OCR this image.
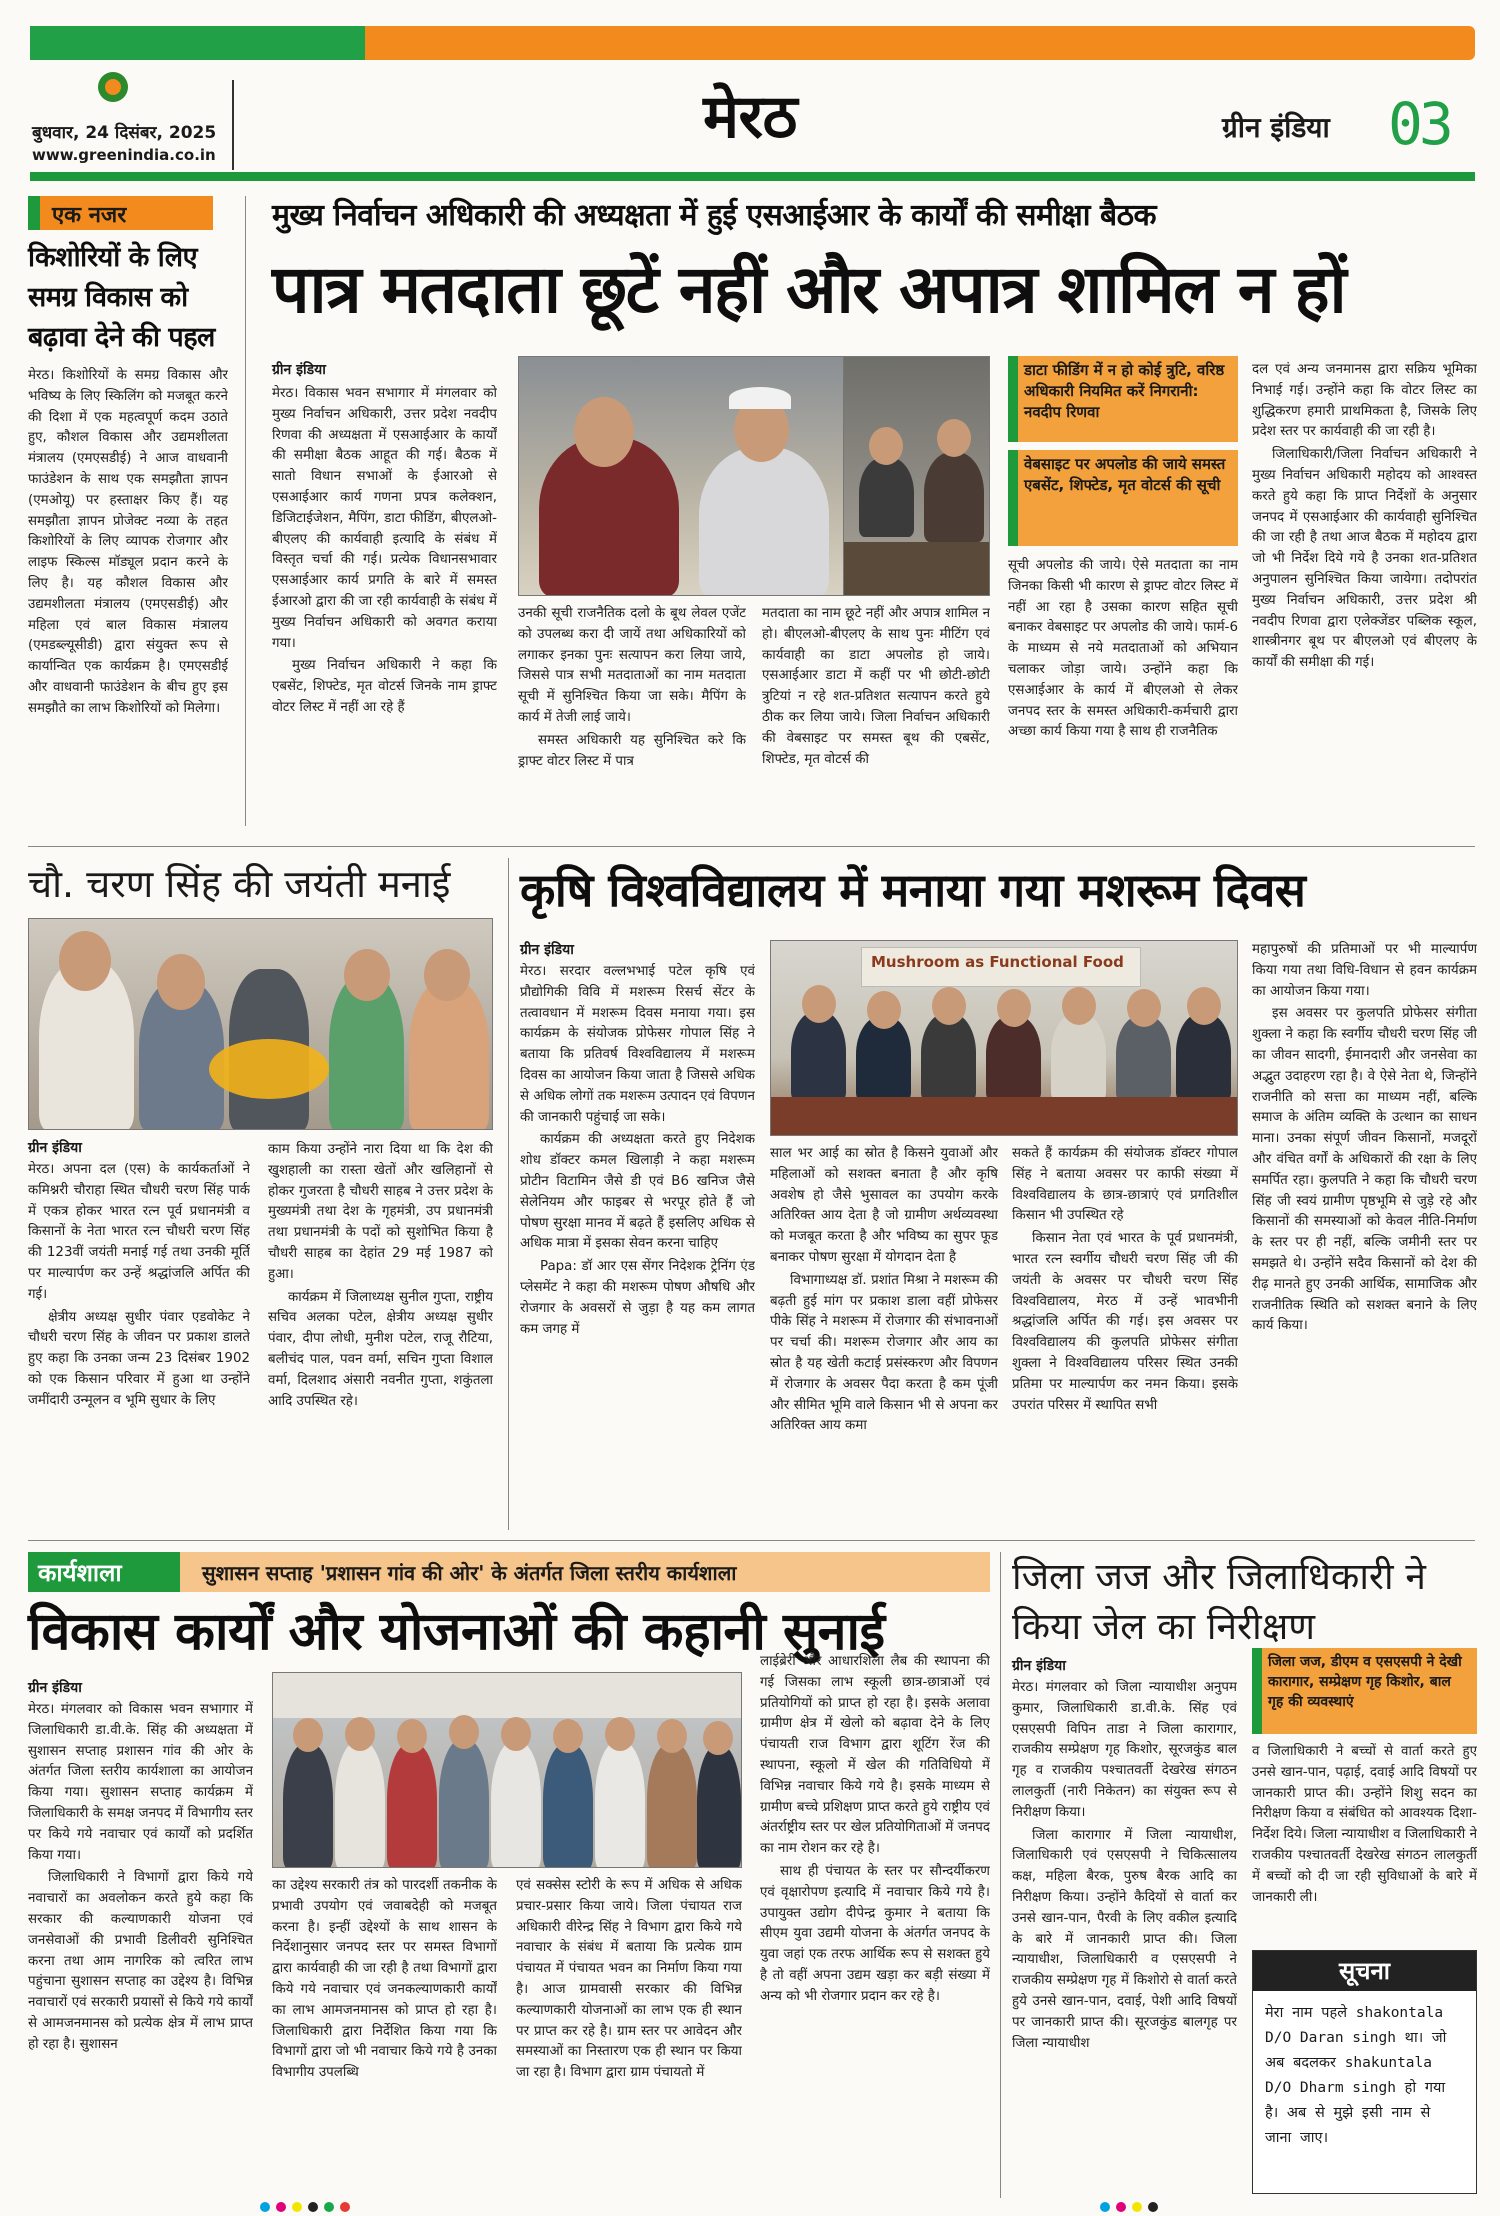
बुधवार, 24 दिसंबर, 2025
www.greenindia.co.in
मेरठ	ग्रीन इंडिया 03
एक नजर
किशोरियों के लिए समग्र विकास को बढ़ावा देने की पहल

मेरठ। किशोरियों के समग्र विकास और भविष्य के लिए स्किलिंग को मजबूत करने की दिशा में एक महत्वपूर्ण कदम उठाते हुए, कौशल विकास और उद्यमशीलता मंत्रालय (एमएसडीई) ने आज वाधवानी फाउंडेशन के साथ एक समझौता ज्ञापन (एमओयू) पर हस्ताक्षर किए हैं। यह समझौता ज्ञापन प्रोजेक्ट नव्या के तहत किशोरियों के लिए व्यापक रोजगार और लाइफ स्किल्स मॉड्यूल प्रदान करने के लिए है। यह कौशल विकास और उद्यमशीलता मंत्रालय (एमएसडीई) और महिला एवं बाल विकास मंत्रालय (एमडब्ल्यूसीडी) द्वारा संयुक्त रूप से कार्यान्वित एक कार्यक्रम है। एमएसडीई और वाधवानी फाउंडेशन के बीच हुए इस समझौते का लाभ किशोरियों को मिलेगा।

मुख्य निर्वाचन अधिकारी की अध्यक्षता में हुई एसआईआर के कार्यों की समीक्षा बैठक
पात्र मतदाता छूटें नहीं और अपात्र शामिल न हों
ग्रीन इंडिया

मेरठ। विकास भवन सभागार में मंगलवार को मुख्य निर्वाचन अधिकारी, उत्तर प्रदेश नवदीप रिणवा की अध्यक्षता में एसआईआर के कार्यों की समीक्षा बैठक आहूत की गई। बैठक में सातो विधान सभाओं के ईआरओ से एसआईआर कार्य गणना प्रपत्र कलेक्शन, डिजिटाईजेशन, मैपिंग, डाटा फीडिंग, बीएलओ-बीएलए की कार्यवाही इत्यादि के संबंध में विस्तृत चर्चा की गई। प्रत्येक विधानसभावार एसआईआर कार्य प्रगति के बारे में समस्त ईआरओ द्वारा की जा रही कार्यवाही के संबंध में मुख्य निर्वाचन अधिकारी को अवगत कराया गया।

मुख्य निर्वाचन अधिकारी ने कहा कि एबसेंट, शिफ्टेड, मृत वोटर्स जिनके नाम ड्राफ्ट वोटर लिस्ट में नहीं आ रहे हैं

उनकी सूची राजनैतिक दलो के बूथ लेवल एजेंट को उपलब्ध करा दी जायें तथा अधिकारियों को लगाकर इनका पुनः सत्यापन करा लिया जाये, जिससे पात्र सभी मतदाताओं का नाम मतदाता सूची में सुनिश्चित किया जा सके। मैपिंग के कार्य में तेजी लाई जाये।

समस्त अधिकारी यह सुनिश्चित करे कि ड्राफ्ट वोटर लिस्ट में पात्र

मतदाता का नाम छूटे नहीं और अपात्र शामिल न हो। बीएलओ-बीएलए के साथ पुनः मीटिंग एवं कार्यवाही का डाटा अपलोड हो जाये। एसआईआर डाटा में कहीं पर भी छोटी-छोटी त्रुटियां न रहे शत-प्रतिशत सत्यापन करते हुये ठीक कर लिया जाये। जिला निर्वाचन अधिकारी की वेबसाइट पर समस्त बूथ की एबसेंट, शिफ्टेड, मृत वोटर्स की

डाटा फीडिंग में न हो कोई त्रुटि, वरिष्ठ अधिकारी नियमित करें निगरानी: नवदीप रिणवा
वेबसाइट पर अपलोड की जाये समस्त एबसेंट, शिफ्टेड, मृत वोटर्स की सूची

सूची अपलोड की जाये। ऐसे मतदाता का नाम जिनका किसी भी कारण से ड्राफ्ट वोटर लिस्ट में नहीं आ रहा है उसका कारण सहित सूची बनाकर वेबसाइट पर अपलोड की जाये। फार्म-6 के माध्यम से नये मतदाताओं को अभियान चलाकर जोड़ा जाये। उन्होंने कहा कि एसआईआर के कार्य में बीएलओ से लेकर जनपद स्तर के समस्त अधिकारी-कर्मचारी द्वारा अच्छा कार्य किया गया है साथ ही राजनैतिक

दल एवं अन्य जनमानस द्वारा सक्रिय भूमिका निभाई गई। उन्होंने कहा कि वोटर लिस्ट का शुद्धिकरण हमारी प्राथमिकता है, जिसके लिए प्रदेश स्तर पर कार्यवाही की जा रही है।

जिलाधिकारी/जिला निर्वाचन अधिकारी ने मुख्य निर्वाचन अधिकारी महोदय को आश्वस्त करते हुये कहा कि प्राप्त निर्देशों के अनुसार जनपद में एसआईआर की कार्यवाही सुनिश्चित की जा रही है तथा आज बैठक में महोदय द्वारा जो भी निर्देश दिये गये है उनका शत-प्रतिशत अनुपालन सुनिश्चित किया जायेगा। तदोपरांत मुख्य निर्वाचन अधिकारी, उत्तर प्रदेश श्री नवदीप रिणवा द्वारा एलेक्जेंडर पब्लिक स्कूल, शास्त्रीनगर बूथ पर बीएलओ एवं बीएलए के कार्यों की समीक्षा की गई।

चौ. चरण सिंह की जयंती मनाई
ग्रीन इंडिया

मेरठ। अपना दल (एस) के कार्यकर्ताओं ने कमिश्नरी चौराहा स्थित चौधरी चरण सिंह पार्क में एकत्र होकर भारत रत्न पूर्व प्रधानमंत्री व किसानों के नेता भारत रत्न चौधरी चरण सिंह की 123वीं जयंती मनाई गई तथा उनकी मूर्ति पर माल्यार्पण कर उन्हें श्रद्धांजलि अर्पित की गई।

क्षेत्रीय अध्यक्ष सुधीर पंवार एडवोकेट ने चौधरी चरण सिंह के जीवन पर प्रकाश डालते हुए कहा कि उनका जन्म 23 दिसंबर 1902 को एक किसान परिवार में हुआ था उन्होंने जमींदारी उन्मूलन व भूमि सुधार के लिए

काम किया उन्होंने नारा दिया था कि देश की खुशहाली का रास्ता खेतों और खलिहानों से होकर गुजरता है चौधरी साहब ने उत्तर प्रदेश के मुख्यमंत्री तथा देश के गृहमंत्री, उप प्रधानमंत्री तथा प्रधानमंत्री के पदों को सुशोभित किया है चौधरी साहब का देहांत 29 मई 1987 को हुआ।

कार्यक्रम में जिलाध्यक्ष सुनील गुप्ता, राष्ट्रीय सचिव अलका पटेल, क्षेत्रीय अध्यक्ष सुधीर पंवार, दीपा लोधी, मुनीश पटेल, राजू रौटिया, बलीचंद पाल, पवन वर्मा, सचिन गुप्ता विशाल वर्मा, दिलशाद अंसारी नवनीत गुप्ता, शकुंतला आदि उपस्थित रहे।

कृषि विश्वविद्यालय में मनाया गया मशरूम दिवस
ग्रीन इंडिया

मेरठ। सरदार वल्लभभाई पटेल कृषि एवं प्रौद्योगिकी विवि में मशरूम रिसर्च सेंटर के तत्वावधान में मशरूम दिवस मनाया गया। इस कार्यक्रम के संयोजक प्रोफेसर गोपाल सिंह ने बताया कि प्रतिवर्ष विश्वविद्यालय में मशरूम दिवस का आयोजन किया जाता है जिससे अधिक से अधिक लोगों तक मशरूम उत्पादन एवं विपणन की जानकारी पहुंचाई जा सके।

कार्यक्रम की अध्यक्षता करते हुए निदेशक शोध डॉक्टर कमल खिलाड़ी ने कहा मशरूम प्रोटीन विटामिन जैसे डी एवं B6 खनिज जैसे सेलेनियम और फाइबर से भरपूर होते हैं जो पोषण सुरक्षा मानव में बढ़ते हैं इसलिए अधिक से अधिक मात्रा में इसका सेवन करना चाहिए

Papa: डॉ आर एस सेंगर निदेशक ट्रेनिंग एंड प्लेसमेंट ने कहा की मशरूम पोषण औषधि और रोजगार के अवसरों से जुड़ा है यह कम लागत कम जगह में

Mushroom as Functional Food

साल भर आई का स्रोत है किसने युवाओं और महिलाओं को सशक्त बनाता है और कृषि अवशेष हो जैसे भुसावल का उपयोग करके अतिरिक्त आय देता है जो ग्रामीण अर्थव्यवस्था को मजबूत करता है और भविष्य का सुपर फूड बनाकर पोषण सुरक्षा में योगदान देता है

विभागाध्यक्ष डॉ. प्रशांत मिश्रा ने मशरूम की बढ़ती हुई मांग पर प्रकाश डाला वहीं प्रोफेसर पीके सिंह ने मशरूम में रोजगार की संभावनाओं पर चर्चा की। मशरूम रोजगार और आय का स्रोत है यह खेती कटाई प्रसंस्करण और विपणन में रोजगार के अवसर पैदा करता है कम पूंजी और सीमित भूमि वाले किसान भी से अपना कर अतिरिक्त आय कमा

सकते हैं कार्यक्रम की संयोजक डॉक्टर गोपाल सिंह ने बताया अवसर पर काफी संख्या में विश्वविद्यालय के छात्र-छात्राएं एवं प्रगतिशील किसान भी उपस्थित रहे

किसान नेता एवं भारत के पूर्व प्रधानमंत्री, भारत रत्न स्वर्गीय चौधरी चरण सिंह जी की जयंती के अवसर पर चौधरी चरण सिंह विश्वविद्यालय, मेरठ में उन्हें भावभीनी श्रद्धांजलि अर्पित की गई। इस अवसर पर विश्वविद्यालय की कुलपति प्रोफेसर संगीता शुक्ला ने विश्वविद्यालय परिसर स्थित उनकी प्रतिमा पर माल्यार्पण कर नमन किया। इसके उपरांत परिसर में स्थापित सभी

महापुरुषों की प्रतिमाओं पर भी माल्यार्पण किया गया तथा विधि-विधान से हवन कार्यक्रम का आयोजन किया गया।

इस अवसर पर कुलपति प्रोफेसर संगीता शुक्ला ने कहा कि स्वर्गीय चौधरी चरण सिंह जी का जीवन सादगी, ईमानदारी और जनसेवा का अद्भुत उदाहरण रहा है। वे ऐसे नेता थे, जिन्होंने राजनीति को सत्ता का माध्यम नहीं, बल्कि समाज के अंतिम व्यक्ति के उत्थान का साधन माना। उनका संपूर्ण जीवन किसानों, मजदूरों और वंचित वर्गों के अधिकारों की रक्षा के लिए समर्पित रहा। कुलपति ने कहा कि चौधरी चरण सिंह जी स्वयं ग्रामीण पृष्ठभूमि से जुड़े रहे और किसानों की समस्याओं को केवल नीति-निर्माण के स्तर पर ही नहीं, बल्कि जमीनी स्तर पर समझते थे। उन्होंने सदैव किसानों को देश की रीढ़ मानते हुए उनकी आर्थिक, सामाजिक और राजनीतिक स्थिति को सशक्त बनाने के लिए कार्य किया।

कार्यशाला	सुशासन सप्ताह 'प्रशासन गांव की ओर' के अंतर्गत जिला स्तरीय कार्यशाला
विकास कार्यों और योजनाओं की कहानी सुनाई
ग्रीन इंडिया

मेरठ। मंगलवार को विकास भवन सभागार में जिलाधिकारी डा.वी.के. सिंह की अध्यक्षता में सुशासन सप्ताह प्रशासन गांव की ओर के अंतर्गत जिला स्तरीय कार्यशाला का आयोजन किया गया। सुशासन सप्ताह कार्यक्रम में जिलाधिकारी के समक्ष जनपद में विभागीय स्तर पर किये गये नवाचार एवं कार्यों को प्रदर्शित किया गया।

जिलाधिकारी ने विभागों द्वारा किये गये नवाचारों का अवलोकन करते हुये कहा कि सरकार की कल्याणकारी योजना एवं जनसेवाओं की प्रभावी डिलीवरी सुनिश्चित करना तथा आम नागरिक को त्वरित लाभ पहुंचाना सुशासन सप्ताह का उद्देश्य है। विभिन्न नवाचारों एवं सरकारी प्रयासों से किये गये कार्यों से आमजनमानस को प्रत्येक क्षेत्र में लाभ प्राप्त हो रहा है। सुशासन

का उद्देश्य सरकारी तंत्र को पारदर्शी तकनीक के प्रभावी उपयोग एवं जवाबदेही को मजबूत करना है। इन्हीं उद्देश्यों के साथ शासन के निर्देशानुसार जनपद स्तर पर समस्त विभागों द्वारा कार्यवाही की जा रही है तथा विभागों द्वारा किये गये नवाचार एवं जनकल्याणकारी कार्यों का लाभ आमजनमानस को प्राप्त हो रहा है। जिलाधिकारी द्वारा निर्देशित किया गया कि विभागों द्वारा जो भी नवाचार किये गये है उनका विभागीय उपलब्धि

एवं सक्सेस स्टोरी के रूप में अधिक से अधिक प्रचार-प्रसार किया जाये। जिला पंचायत राज अधिकारी वीरेन्द्र सिंह ने विभाग द्वारा किये गये नवाचार के संबंध में बताया कि प्रत्येक ग्राम पंचायत में पंचायत भवन का निर्माण किया गया है। आज ग्रामवासी सरकार की विभिन्न कल्याणकारी योजनाओं का लाभ एक ही स्थान पर प्राप्त कर रहे है। ग्राम स्तर पर आवेदन और समस्याओं का निस्तारण एक ही स्थान पर किया जा रहा है। विभाग द्वारा ग्राम पंचायतो में

लाईब्रेरी और आधारशिला लैब की स्थापना की गई जिसका लाभ स्कूली छात्र-छात्राओं एवं प्रतियोगियों को प्राप्त हो रहा है। इसके अलावा ग्रामीण क्षेत्र में खेलो को बढ़ावा देने के लिए पंचायती राज विभाग द्वारा शूटिंग रेंज की स्थापना, स्कूलो में खेल की गतिविधियो में विभिन्न नवाचार किये गये है। इसके माध्यम से ग्रामीण बच्चे प्रशिक्षण प्राप्त करते हुये राष्ट्रीय एवं अंतर्राष्ट्रीय स्तर पर खेल प्रतियोगिताओं में जनपद का नाम रोशन कर रहे है।

साथ ही पंचायत के स्तर पर सौन्दर्यीकरण एवं वृक्षारोपण इत्यादि में नवाचार किये गये है। उपायुक्त उद्योग दीपेन्द्र कुमार ने बताया कि सीएम युवा उद्यमी योजना के अंतर्गत जनपद के युवा जहां एक तरफ आर्थिक रूप से सशक्त हुये है तो वहीं अपना उद्यम खड़ा कर बड़ी संख्या में अन्य को भी रोजगार प्रदान कर रहे है।

जिला जज और जिलाधिकारी ने किया जेल का निरीक्षण
ग्रीन इंडिया

मेरठ। मंगलवार को जिला न्यायाधीश अनुपम कुमार, जिलाधिकारी डा.वी.के. सिंह एवं एसएसपी विपिन ताडा ने जिला कारागार, राजकीय सम्प्रेक्षण गृह किशोर, सूरजकुंड बाल गृह व राजकीय पश्चातवर्ती देखरेख संगठन लालकुर्ती (नारी निकेतन) का संयुक्त रूप से निरीक्षण किया।

जिला कारागार में जिला न्यायाधीश, जिलाधिकारी एवं एसएसपी ने चिकित्सालय कक्ष, महिला बैरक, पुरुष बैरक आदि का निरीक्षण किया। उन्होंने कैदियों से वार्ता कर उनसे खान-पान, पैरवी के लिए वकील इत्यादि के बारे में जानकारी प्राप्त की। जिला न्यायाधीश, जिलाधिकारी व एसएसपी ने राजकीय सम्प्रेक्षण गृह में किशोरो से वार्ता करते हुये उनसे खान-पान, दवाई, पेशी आदि विषयों पर जानकारी प्राप्त की। सूरजकुंड बालगृह पर जिला न्यायाधीश

जिला जज, डीएम व एसएसपी ने देखी कारागार, सम्प्रेक्षण गृह किशोर, बाल गृह की व्यवस्थाएं

व जिलाधिकारी ने बच्चों से वार्ता करते हुए उनसे खान-पान, पढ़ाई, दवाई आदि विषयों पर जानकारी प्राप्त की। उन्होंने शिशु सदन का निरीक्षण किया व संबंधित को आवश्यक दिशा-निर्देश दिये। जिला न्यायाधीश व जिलाधिकारी ने राजकीय पश्चातवर्ती देखरेख संगठन लालकुर्ती में बच्चों को दी जा रही सुविधाओं के बारे में जानकारी ली।

सूचना
मेरा नाम पहले shakontala D/O Daran singh था। जो अब बदलकर shakuntala D/O Dharm singh हो गया है। अब से मुझे इसी नाम से जाना जाए।
